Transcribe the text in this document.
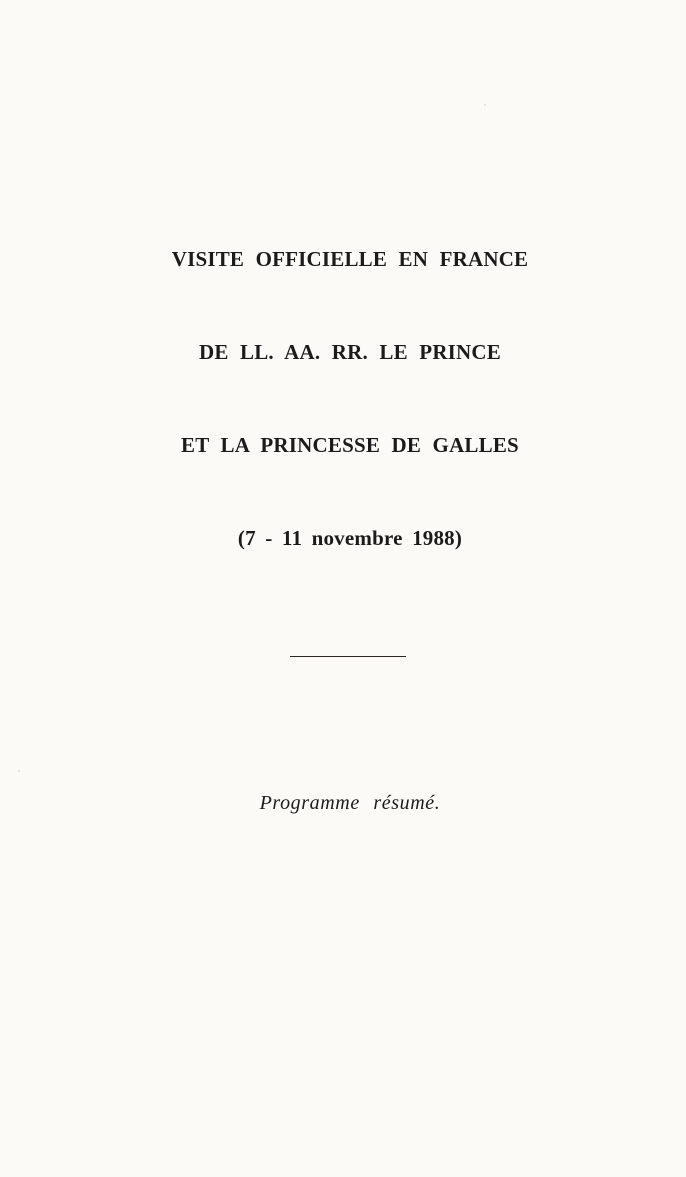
VISITE OFFICIELLE EN FRANCE
DE LL. AA. RR. LE PRINCE
ET LA PRINCESSE DE GALLES
(7 - 11 novembre 1988)
Programme résumé.
